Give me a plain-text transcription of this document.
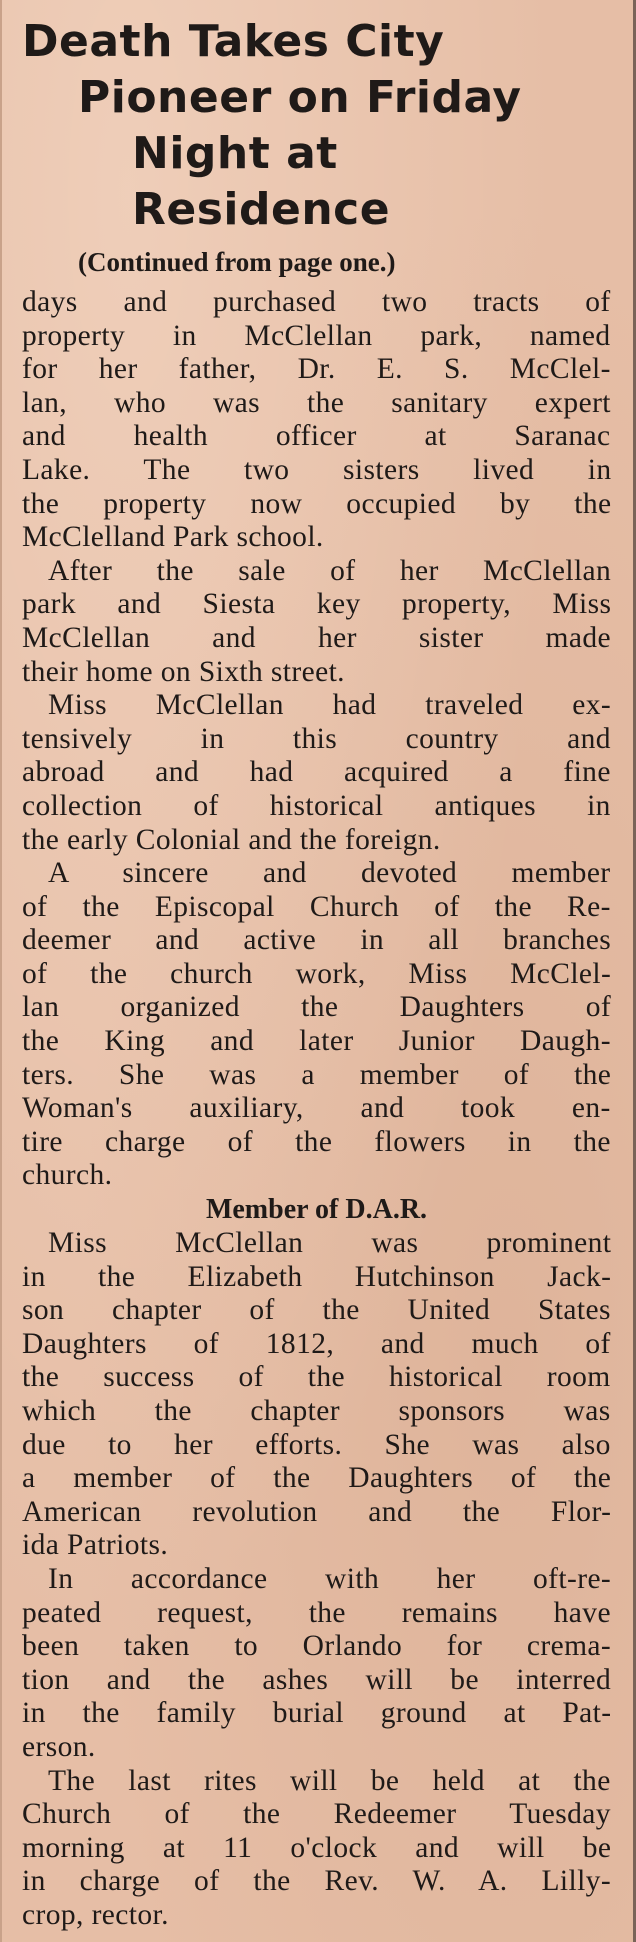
Death Takes City
Pioneer on Friday
Night at Residence
(Continued from page one.)

days and purchased two tracts of
property in McClellan park, named
for her father, Dr. E. S. McClel-
lan, who was the sanitary expert
and health officer at Saranac
Lake. The two sisters lived in
the property now occupied by the
McClelland Park school.

After the sale of her McClellan
park and Siesta key property, Miss
McClellan and her sister made
their home on Sixth street.

Miss McClellan had traveled ex-
tensively in this country and
abroad and had acquired a fine
collection of historical antiques in
the early Colonial and the foreign.

A sincere and devoted member
of the Episcopal Church of the Re-
deemer and active in all branches
of the church work, Miss McClel-
lan organized the Daughters of
the King and later Junior Daugh-
ters. She was a member of the
Woman's auxiliary, and took en-
tire charge of the flowers in the
church.

Member of D.A.R.

Miss McClellan was prominent
in the Elizabeth Hutchinson Jack-
son chapter of the United States
Daughters of 1812, and much of
the success of the historical room
which the chapter sponsors was
due to her efforts. She was also
a member of the Daughters of the
American revolution and the Flor-
ida Patriots.

In accordance with her oft-re-
peated request, the remains have
been taken to Orlando for crema-
tion and the ashes will be interred
in the family burial ground at Pat-
erson.

The last rites will be held at the
Church of the Redeemer Tuesday
morning at 11 o'clock and will be
in charge of the Rev. W. A. Lilly-
crop, rector.
